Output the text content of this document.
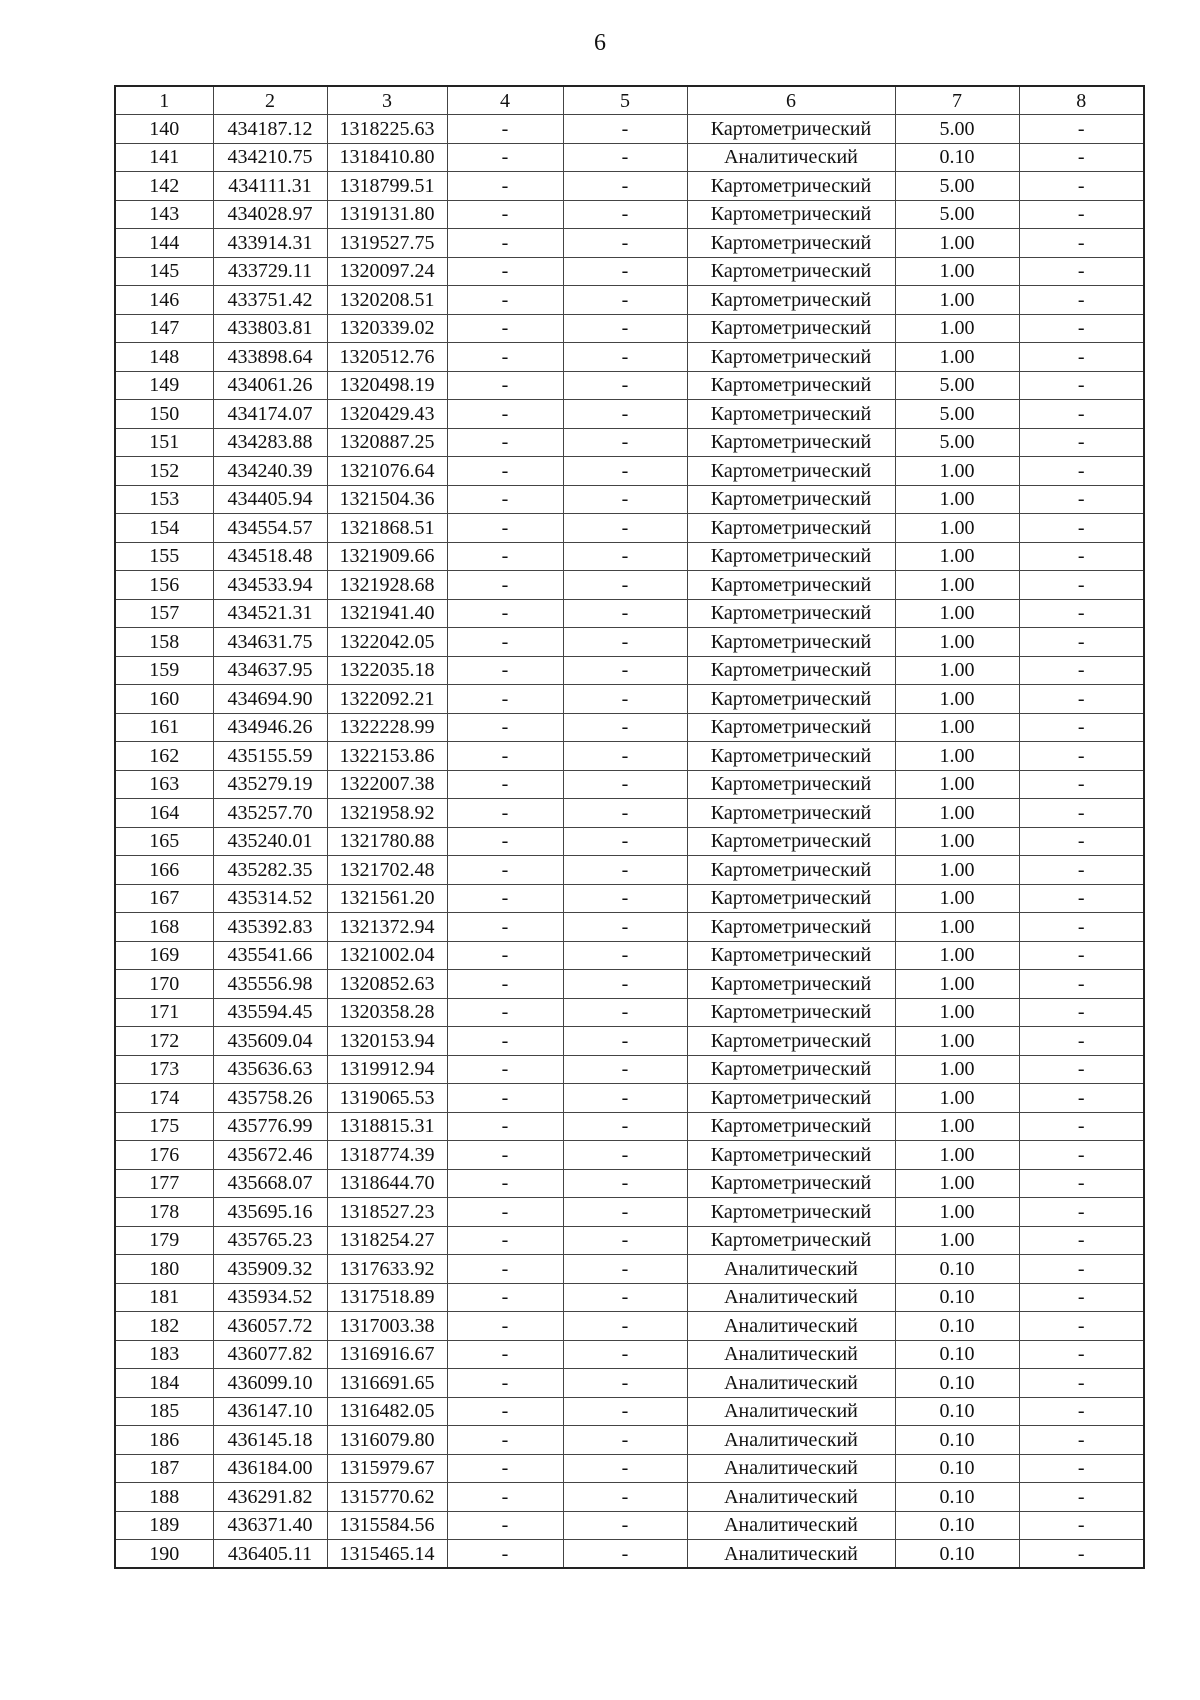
6
1	2	3	4	5	6	7	8
140	434187.12	1318225.63	-	-	Картометрический	5.00	-
141	434210.75	1318410.80	-	-	Аналитический	0.10	-
142	434111.31	1318799.51	-	-	Картометрический	5.00	-
143	434028.97	1319131.80	-	-	Картометрический	5.00	-
144	433914.31	1319527.75	-	-	Картометрический	1.00	-
145	433729.11	1320097.24	-	-	Картометрический	1.00	-
146	433751.42	1320208.51	-	-	Картометрический	1.00	-
147	433803.81	1320339.02	-	-	Картометрический	1.00	-
148	433898.64	1320512.76	-	-	Картометрический	1.00	-
149	434061.26	1320498.19	-	-	Картометрический	5.00	-
150	434174.07	1320429.43	-	-	Картометрический	5.00	-
151	434283.88	1320887.25	-	-	Картометрический	5.00	-
152	434240.39	1321076.64	-	-	Картометрический	1.00	-
153	434405.94	1321504.36	-	-	Картометрический	1.00	-
154	434554.57	1321868.51	-	-	Картометрический	1.00	-
155	434518.48	1321909.66	-	-	Картометрический	1.00	-
156	434533.94	1321928.68	-	-	Картометрический	1.00	-
157	434521.31	1321941.40	-	-	Картометрический	1.00	-
158	434631.75	1322042.05	-	-	Картометрический	1.00	-
159	434637.95	1322035.18	-	-	Картометрический	1.00	-
160	434694.90	1322092.21	-	-	Картометрический	1.00	-
161	434946.26	1322228.99	-	-	Картометрический	1.00	-
162	435155.59	1322153.86	-	-	Картометрический	1.00	-
163	435279.19	1322007.38	-	-	Картометрический	1.00	-
164	435257.70	1321958.92	-	-	Картометрический	1.00	-
165	435240.01	1321780.88	-	-	Картометрический	1.00	-
166	435282.35	1321702.48	-	-	Картометрический	1.00	-
167	435314.52	1321561.20	-	-	Картометрический	1.00	-
168	435392.83	1321372.94	-	-	Картометрический	1.00	-
169	435541.66	1321002.04	-	-	Картометрический	1.00	-
170	435556.98	1320852.63	-	-	Картометрический	1.00	-
171	435594.45	1320358.28	-	-	Картометрический	1.00	-
172	435609.04	1320153.94	-	-	Картометрический	1.00	-
173	435636.63	1319912.94	-	-	Картометрический	1.00	-
174	435758.26	1319065.53	-	-	Картометрический	1.00	-
175	435776.99	1318815.31	-	-	Картометрический	1.00	-
176	435672.46	1318774.39	-	-	Картометрический	1.00	-
177	435668.07	1318644.70	-	-	Картометрический	1.00	-
178	435695.16	1318527.23	-	-	Картометрический	1.00	-
179	435765.23	1318254.27	-	-	Картометрический	1.00	-
180	435909.32	1317633.92	-	-	Аналитический	0.10	-
181	435934.52	1317518.89	-	-	Аналитический	0.10	-
182	436057.72	1317003.38	-	-	Аналитический	0.10	-
183	436077.82	1316916.67	-	-	Аналитический	0.10	-
184	436099.10	1316691.65	-	-	Аналитический	0.10	-
185	436147.10	1316482.05	-	-	Аналитический	0.10	-
186	436145.18	1316079.80	-	-	Аналитический	0.10	-
187	436184.00	1315979.67	-	-	Аналитический	0.10	-
188	436291.82	1315770.62	-	-	Аналитический	0.10	-
189	436371.40	1315584.56	-	-	Аналитический	0.10	-
190	436405.11	1315465.14	-	-	Аналитический	0.10	-
